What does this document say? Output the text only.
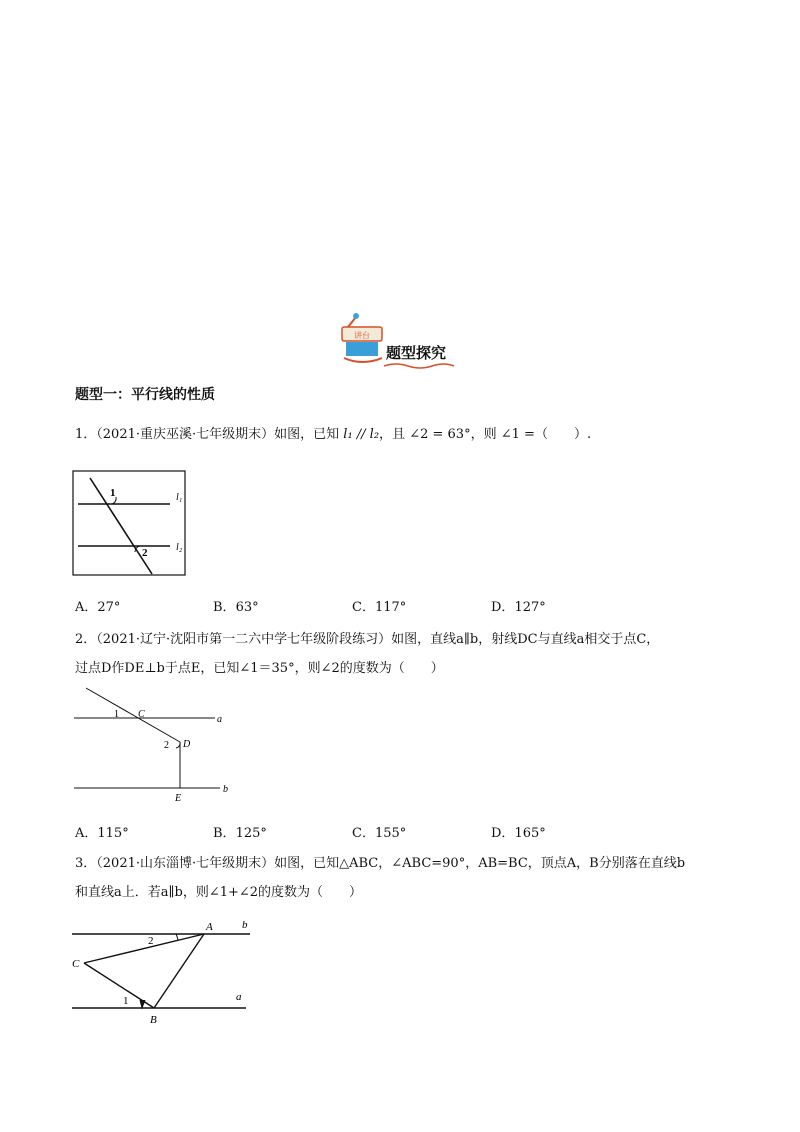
讲台
题型探究
题型一：平行线的性质
1．（2021·重庆巫溪·七年级期末）如图，已知 l₁ // l₂，且 ∠2 = 63°，则 ∠1 =（　　）.
1
2
l₁
l₂
A．27°	B．63°	C．117°	D．127°
2．（2021·辽宁·沈阳市第一二六中学七年级阶段练习）如图，直线a∥b，射线DC与直线a相交于点C，
过点D作DE⊥b于点E，已知∠1＝35°，则∠2的度数为（　　）
1 C	a
2 D
E
b
A．115°	B．125°	C．155°	D．165°
3．（2021·山东淄博·七年级期末）如图，已知△ABC，∠ABC=90°，AB=BC，顶点A，B分别落在直线b
和直线a上．若a∥b，则∠1+∠2的度数为（　　）
A	b
2
C
1	a
B
